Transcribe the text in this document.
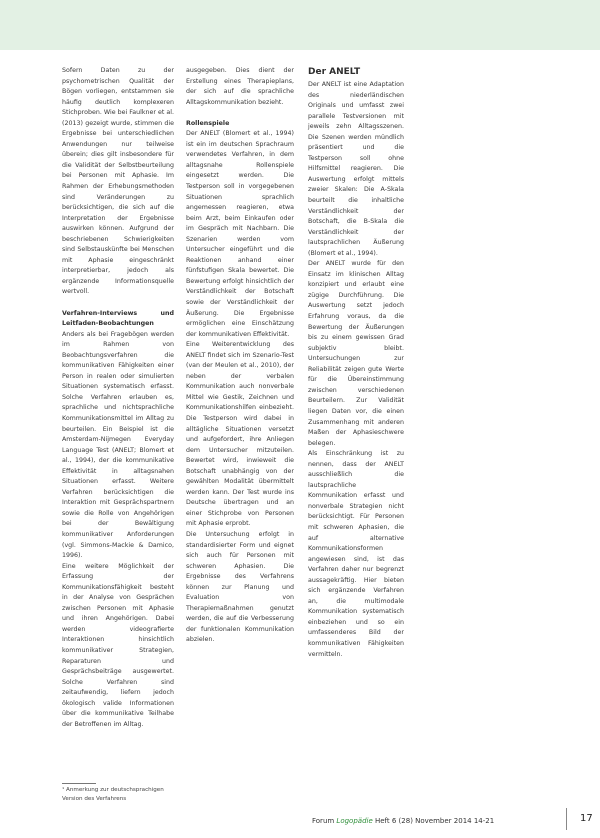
Sofern Daten zu der psychometrischen Qualität der Bögen vorliegen, entstammen sie häufig deutlich komplexeren Stichproben. Wie bei Faulkner et al. (2013) gezeigt wurde, stimmen die Ergebnisse bei unterschiedlichen Anwendungen nur teilweise überein; dies gilt insbesondere für die Validität der Selbstbeurteilung bei Personen mit Aphasie. Im Rahmen der Erhebungsmethoden sind Veränderungen zu berücksichtigen, die sich auf die Interpretation der Ergebnisse auswirken können. Aufgrund der beschriebenen Schwierigkeiten sind Selbstauskünfte bei Menschen mit Aphasie eingeschränkt interpretierbar, jedoch als ergänzende Informationsquelle wertvoll.

Verfahren-Interviews und Leitfaden-Beobachtungen

Anders als bei Fragebögen werden im Rahmen von Beobachtungsverfahren die kommunikativen Fähigkeiten einer Person in realen oder simulierten Situationen systematisch erfasst. Solche Verfahren erlauben es, sprachliche und nichtsprachliche Kommunikationsmittel im Alltag zu beurteilen. Ein Beispiel ist die Amsterdam-Nijmegen Everyday Language Test (ANELT; Blomert et al., 1994), der die kommunikative Effektivität in alltagsnahen Situationen erfasst. Weitere Verfahren berücksichtigen die Interaktion mit Gesprächspartnern sowie die Rolle von Angehörigen bei der Bewältigung kommunikativer Anforderungen (vgl. Simmons-Mackie & Damico, 1996).

Eine weitere Möglichkeit der Erfassung der Kommunikationsfähigkeit besteht in der Analyse von Gesprächen zwischen Personen mit Aphasie und ihren Angehörigen. Dabei werden videografierte Interaktionen hinsichtlich kommunikativer Strategien, Reparaturen und Gesprächsbeiträge ausgewertet. Solche Verfahren sind zeitaufwendig, liefern jedoch ökologisch valide Informationen über die kommunikative Teilhabe der Betroffenen im Alltag.

¹ Anmerkung zur deutschsprachigen Version des Verfahrens

ausgegeben. Dies dient der Erstellung eines Therapieplans, der sich auf die sprachliche Alltagskommunikation bezieht.

Rollenspiele

Der ANELT (Blomert et al., 1994) ist ein im deutschen Sprachraum verwendetes Verfahren, in dem alltagsnahe Rollenspiele eingesetzt werden. Die Testperson soll in vorgegebenen Situationen sprachlich angemessen reagieren, etwa beim Arzt, beim Einkaufen oder im Gespräch mit Nachbarn. Die Szenarien werden vom Untersucher eingeführt und die Reaktionen anhand einer fünfstufigen Skala bewertet. Die Bewertung erfolgt hinsichtlich der Verständlichkeit der Botschaft sowie der Verständlichkeit der Äußerung. Die Ergebnisse ermöglichen eine Einschätzung der kommunikativen Effektivität.

Eine Weiterentwicklung des ANELT findet sich im Szenario-Test (van der Meulen et al., 2010), der neben der verbalen Kommunikation auch nonverbale Mittel wie Gestik, Zeichnen und Kommunikationshilfen einbezieht. Die Testperson wird dabei in alltägliche Situationen versetzt und aufgefordert, ihre Anliegen dem Untersucher mitzuteilen. Bewertet wird, inwieweit die Botschaft unabhängig von der gewählten Modalität übermittelt werden kann. Der Test wurde ins Deutsche übertragen und an einer Stichprobe von Personen mit Aphasie erprobt.

Die Untersuchung erfolgt in standardisierter Form und eignet sich auch für Personen mit schweren Aphasien. Die Ergebnisse des Verfahrens können zur Planung und Evaluation von Therapiemaßnahmen genutzt werden, die auf die Verbesserung der funktionalen Kommunikation abzielen.

Der ANELT

Der ANELT ist eine Adaptation des niederländischen Originals und umfasst zwei parallele Testversionen mit jeweils zehn Alltagsszenen. Die Szenen werden mündlich präsentiert und die Testperson soll ohne Hilfsmittel reagieren. Die Auswertung erfolgt mittels zweier Skalen: Die A-Skala beurteilt die inhaltliche Verständlichkeit der Botschaft, die B-Skala die Verständlichkeit der lautsprachlichen Äußerung (Blomert et al., 1994).

Der ANELT wurde für den Einsatz im klinischen Alltag konzipiert und erlaubt eine zügige Durchführung. Die Auswertung setzt jedoch Erfahrung voraus, da die Bewertung der Äußerungen bis zu einem gewissen Grad subjektiv bleibt. Untersuchungen zur Reliabilität zeigen gute Werte für die Übereinstimmung zwischen verschiedenen Beurteilern. Zur Validität liegen Daten vor, die einen Zusammenhang mit anderen Maßen der Aphasieschwere belegen.

Als Einschränkung ist zu nennen, dass der ANELT ausschließlich die lautsprachliche Kommunikation erfasst und nonverbale Strategien nicht berücksichtigt. Für Personen mit schweren Aphasien, die auf alternative Kommunikationsformen angewiesen sind, ist das Verfahren daher nur begrenzt aussagekräftig. Hier bieten sich ergänzende Verfahren an, die multimodale Kommunikation systematisch einbeziehen und so ein umfassenderes Bild der kommunikativen Fähigkeiten vermitteln.

Forum Logopädie Heft 6 (28) November 2014 14-21	17
